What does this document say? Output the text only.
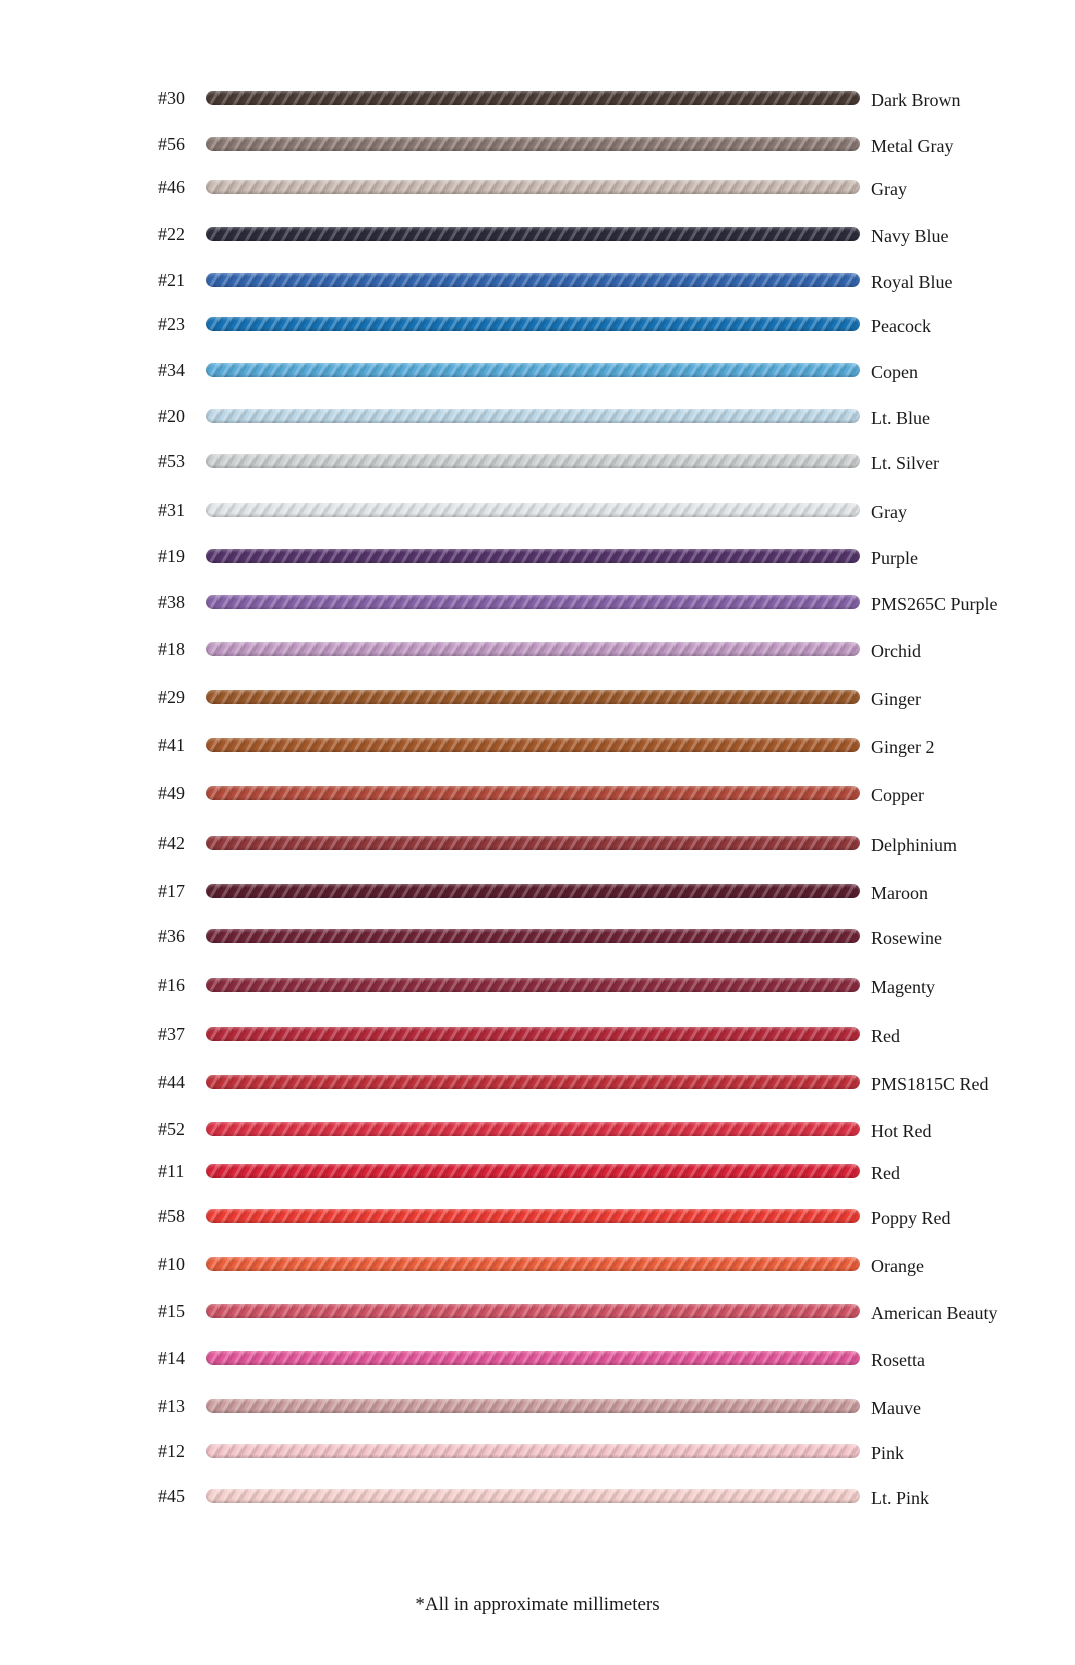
#30	Dark Brown
#56	Metal Gray
#46	Gray
#22	Navy Blue
#21	Royal Blue
#23	Peacock
#34	Copen
#20	Lt. Blue
#53	Lt. Silver
#31	Gray
#19	Purple
#38	PMS265C Purple
#18	Orchid
#29	Ginger
#41	Ginger 2
#49	Copper
#42	Delphinium
#17	Maroon
#36	Rosewine
#16	Magenty
#37	Red
#44	PMS1815C Red
#52	Hot Red
#11	Red
#58	Poppy Red
#10	Orange
#15	American Beauty
#14	Rosetta
#13	Mauve
#12	Pink
#45	Lt. Pink
*All in approximate millimeters
